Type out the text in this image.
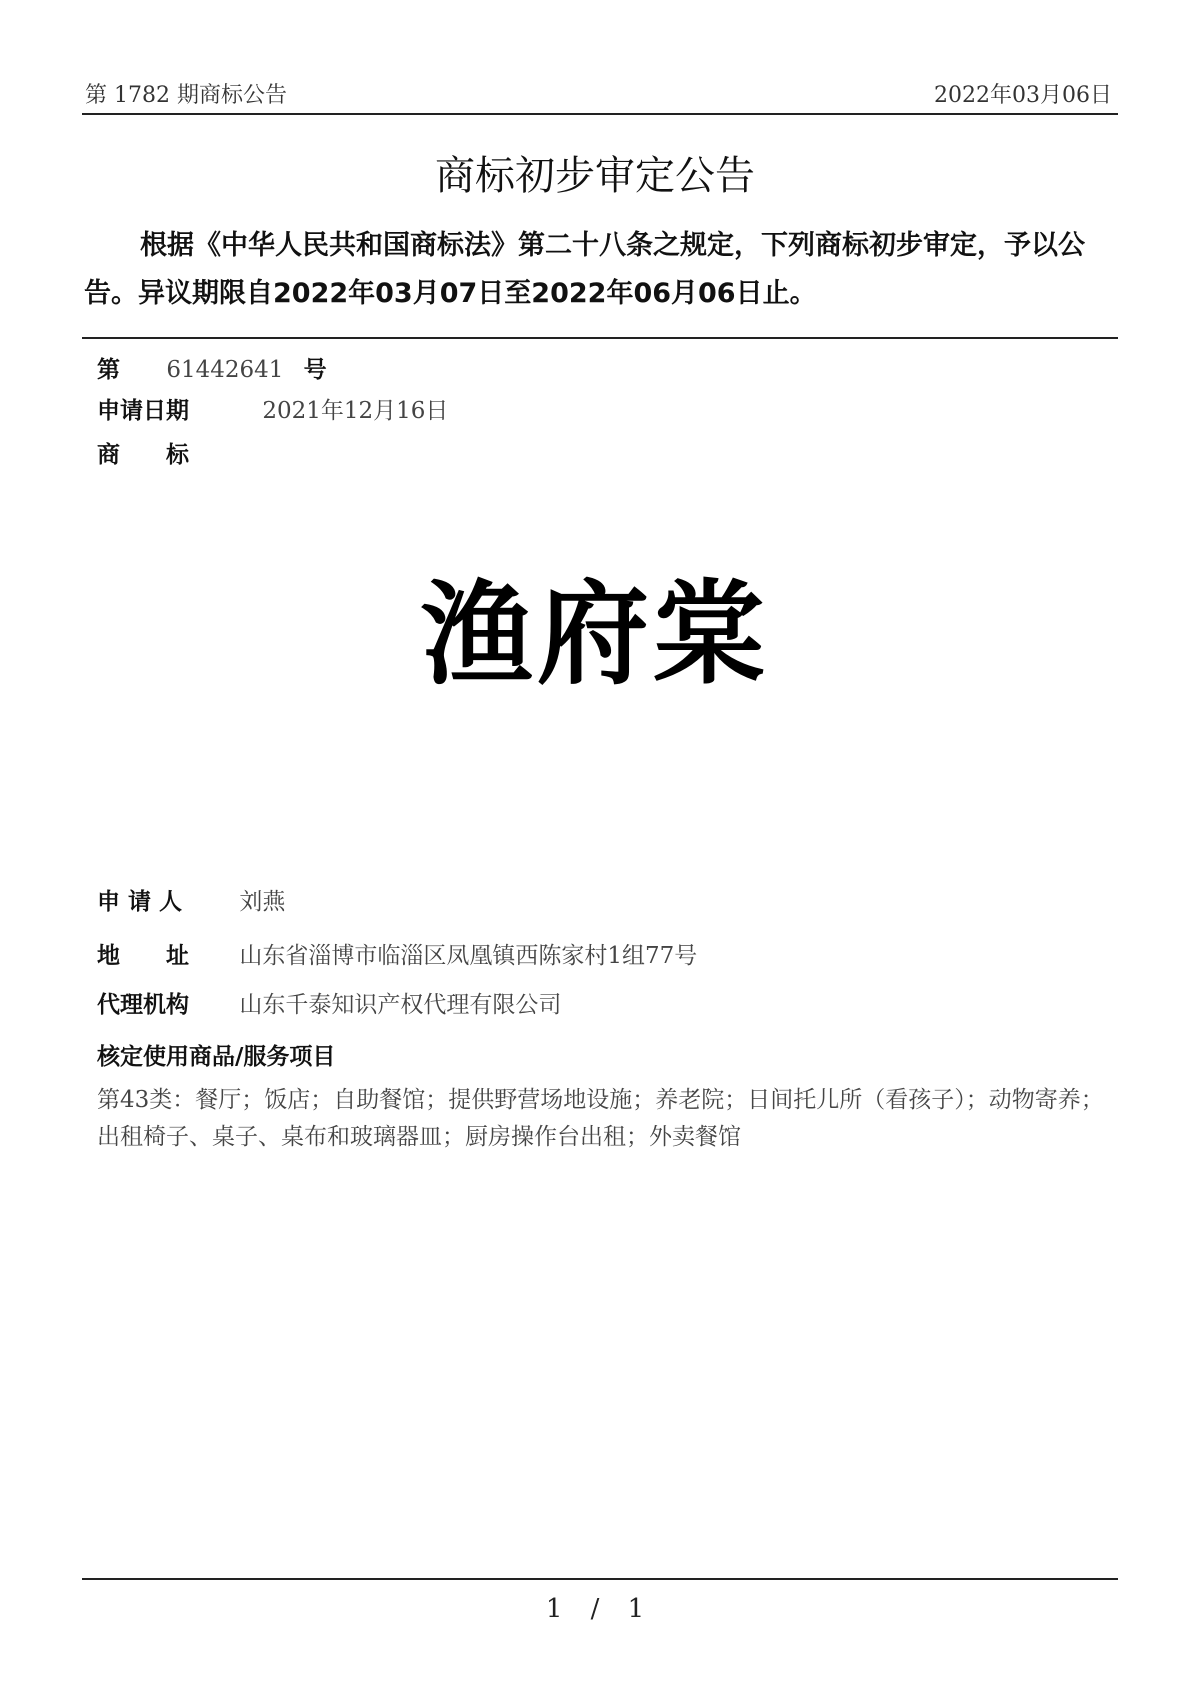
第 1782 期商标公告	2022年03月06日
商标初步审定公告
根据《中华人民共和国商标法》第二十八条之规定，下列商标初步审定，予以公告。异议期限自2022年03月07日至2022年06月06日止。
第 61442641 号
申请日期	2021年12月16日
商　　标
渔府棠
申 请 人 刘燕
地　　址 山东省淄博市临淄区凤凰镇西陈家村1组77号
代理机构 山东千泰知识产权代理有限公司
核定使用商品/服务项目
第43类：餐厅；饭店；自助餐馆；提供野营场地设施；养老院；日间托儿所（看孩子）；动物寄养；出租椅子、桌子、桌布和玻璃器皿；厨房操作台出租；外卖餐馆
1 / 1
